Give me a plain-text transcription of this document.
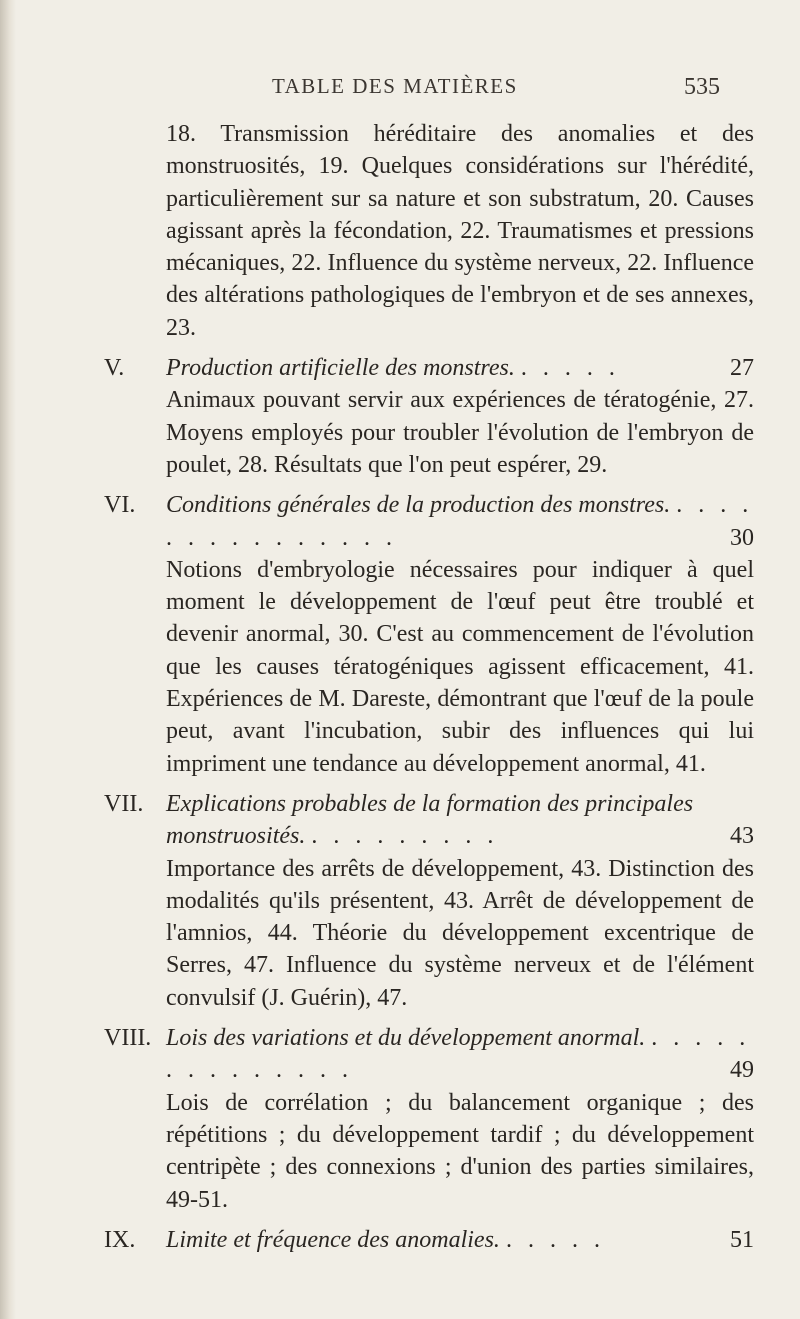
TABLE DES MATIÈRES	535

18. Transmission héréditaire des anomalies et des monstruosités, 19. Quelques considérations sur l'hérédité, particulièrement sur sa nature et son substratum, 20. Causes agissant après la fécondation, 22. Traumatismes et pressions mécaniques, 22. Influence du système nerveux, 22. Influence des altérations pathologiques de l'embryon et de ses annexes, 23.

V.	Production artificielle des monstres. . . . . .	27

Animaux pouvant servir aux expériences de tératogénie, 27. Moyens employés pour troubler l'évolution de l'embryon de poulet, 28. Résultats que l'on peut espérer, 29.

VI.	Conditions générales de la production des monstres. . . . . . . . . . . . . . . .	30

Notions d'embryologie nécessaires pour indiquer à quel moment le développement de l'œuf peut être troublé et devenir anormal, 30. C'est au commencement de l'évolution que les causes tératogéniques agissent efficacement, 41. Expériences de M. Dareste, démontrant que l'œuf de la poule peut, avant l'incubation, subir des influences qui lui impriment une tendance au développement anormal, 41.

VII. Explications probables de la formation des principales monstruosités. . . . . . . . . .	43

Importance des arrêts de développement, 43. Distinction des modalités qu'ils présentent, 43. Arrêt de développement de l'amnios, 44. Théorie du développement excentrique de Serres, 47. Influence du système nerveux et de l'élément convulsif (J. Guérin), 47.

VIII. Lois des variations et du développement anormal. . . . . . . . . . . . . . .	49

Lois de corrélation ; du balancement organique ; des répétitions ; du développement tardif ; du développement centripète ; des connexions ; d'union des parties similaires, 49-51.

IX.	Limite et fréquence des anomalies. . . . . .	51
